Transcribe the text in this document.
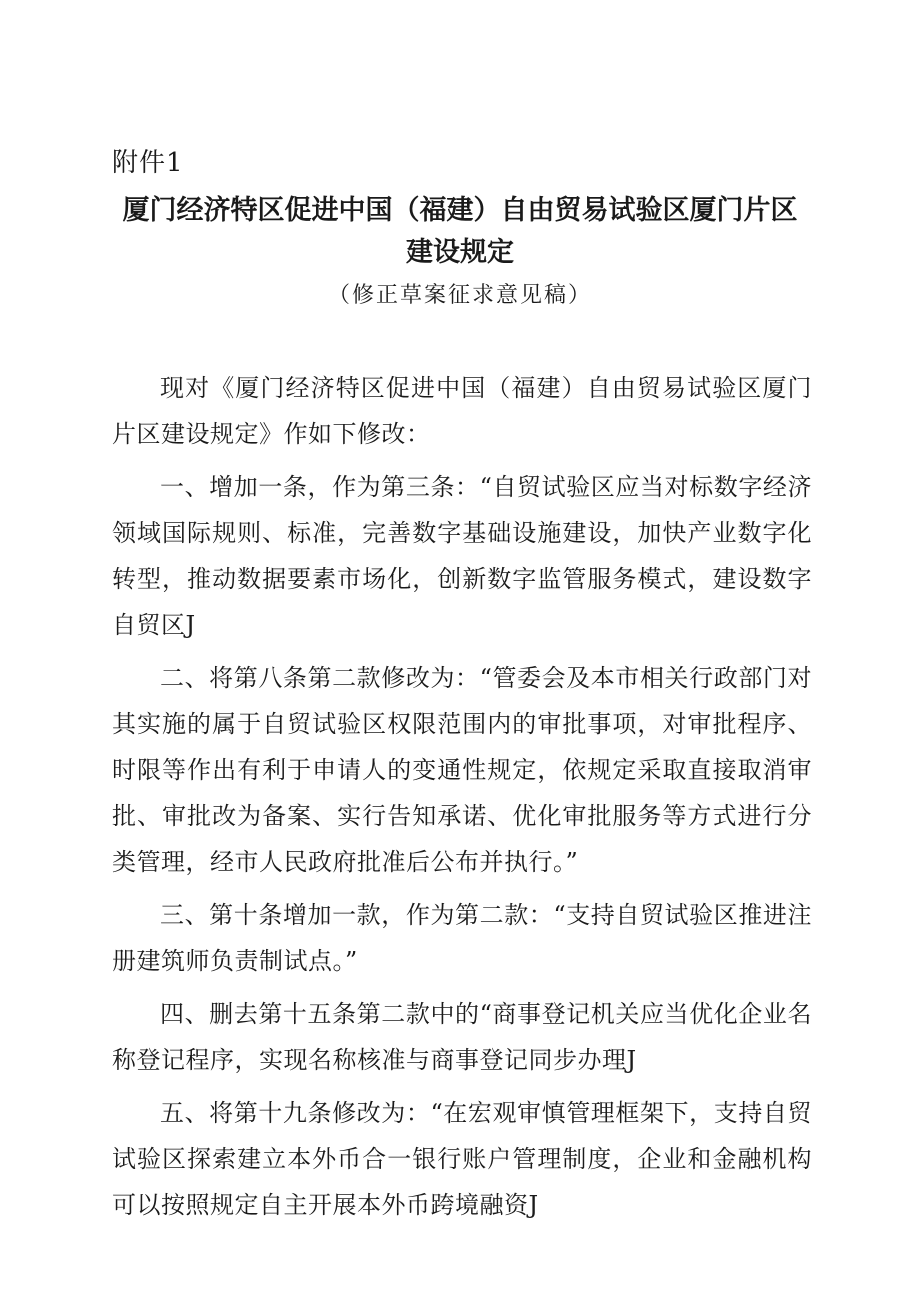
附件1
厦门经济特区促进中国（福建）自由贸易试验区厦门片区
建设规定
（修正草案征求意见稿）

现对《厦门经济特区促进中国（福建）自由贸易试验区厦门片区建设规定》作如下修改：

一、增加一条，作为第三条：“自贸试验区应当对标数字经济领域国际规则、标准，完善数字基础设施建设，加快产业数字化转型，推动数据要素市场化，创新数字监管服务模式，建设数字自贸区J

二、将第八条第二款修改为：“管委会及本市相关行政部门对其实施的属于自贸试验区权限范围内的审批事项，对审批程序、时限等作出有利于申请人的变通性规定，依规定采取直接取消审批、审批改为备案、实行告知承诺、优化审批服务等方式进行分类管理，经市人民政府批准后公布并执行。”

三、第十条增加一款，作为第二款：“支持自贸试验区推进注册建筑师负责制试点。”

四、删去第十五条第二款中的“商事登记机关应当优化企业名称登记程序，实现名称核准与商事登记同步办理J

五、将第十九条修改为：“在宏观审慎管理框架下，支持自贸试验区探索建立本外币合一银行账户管理制度，企业和金融机构可以按照规定自主开展本外币跨境融资J
